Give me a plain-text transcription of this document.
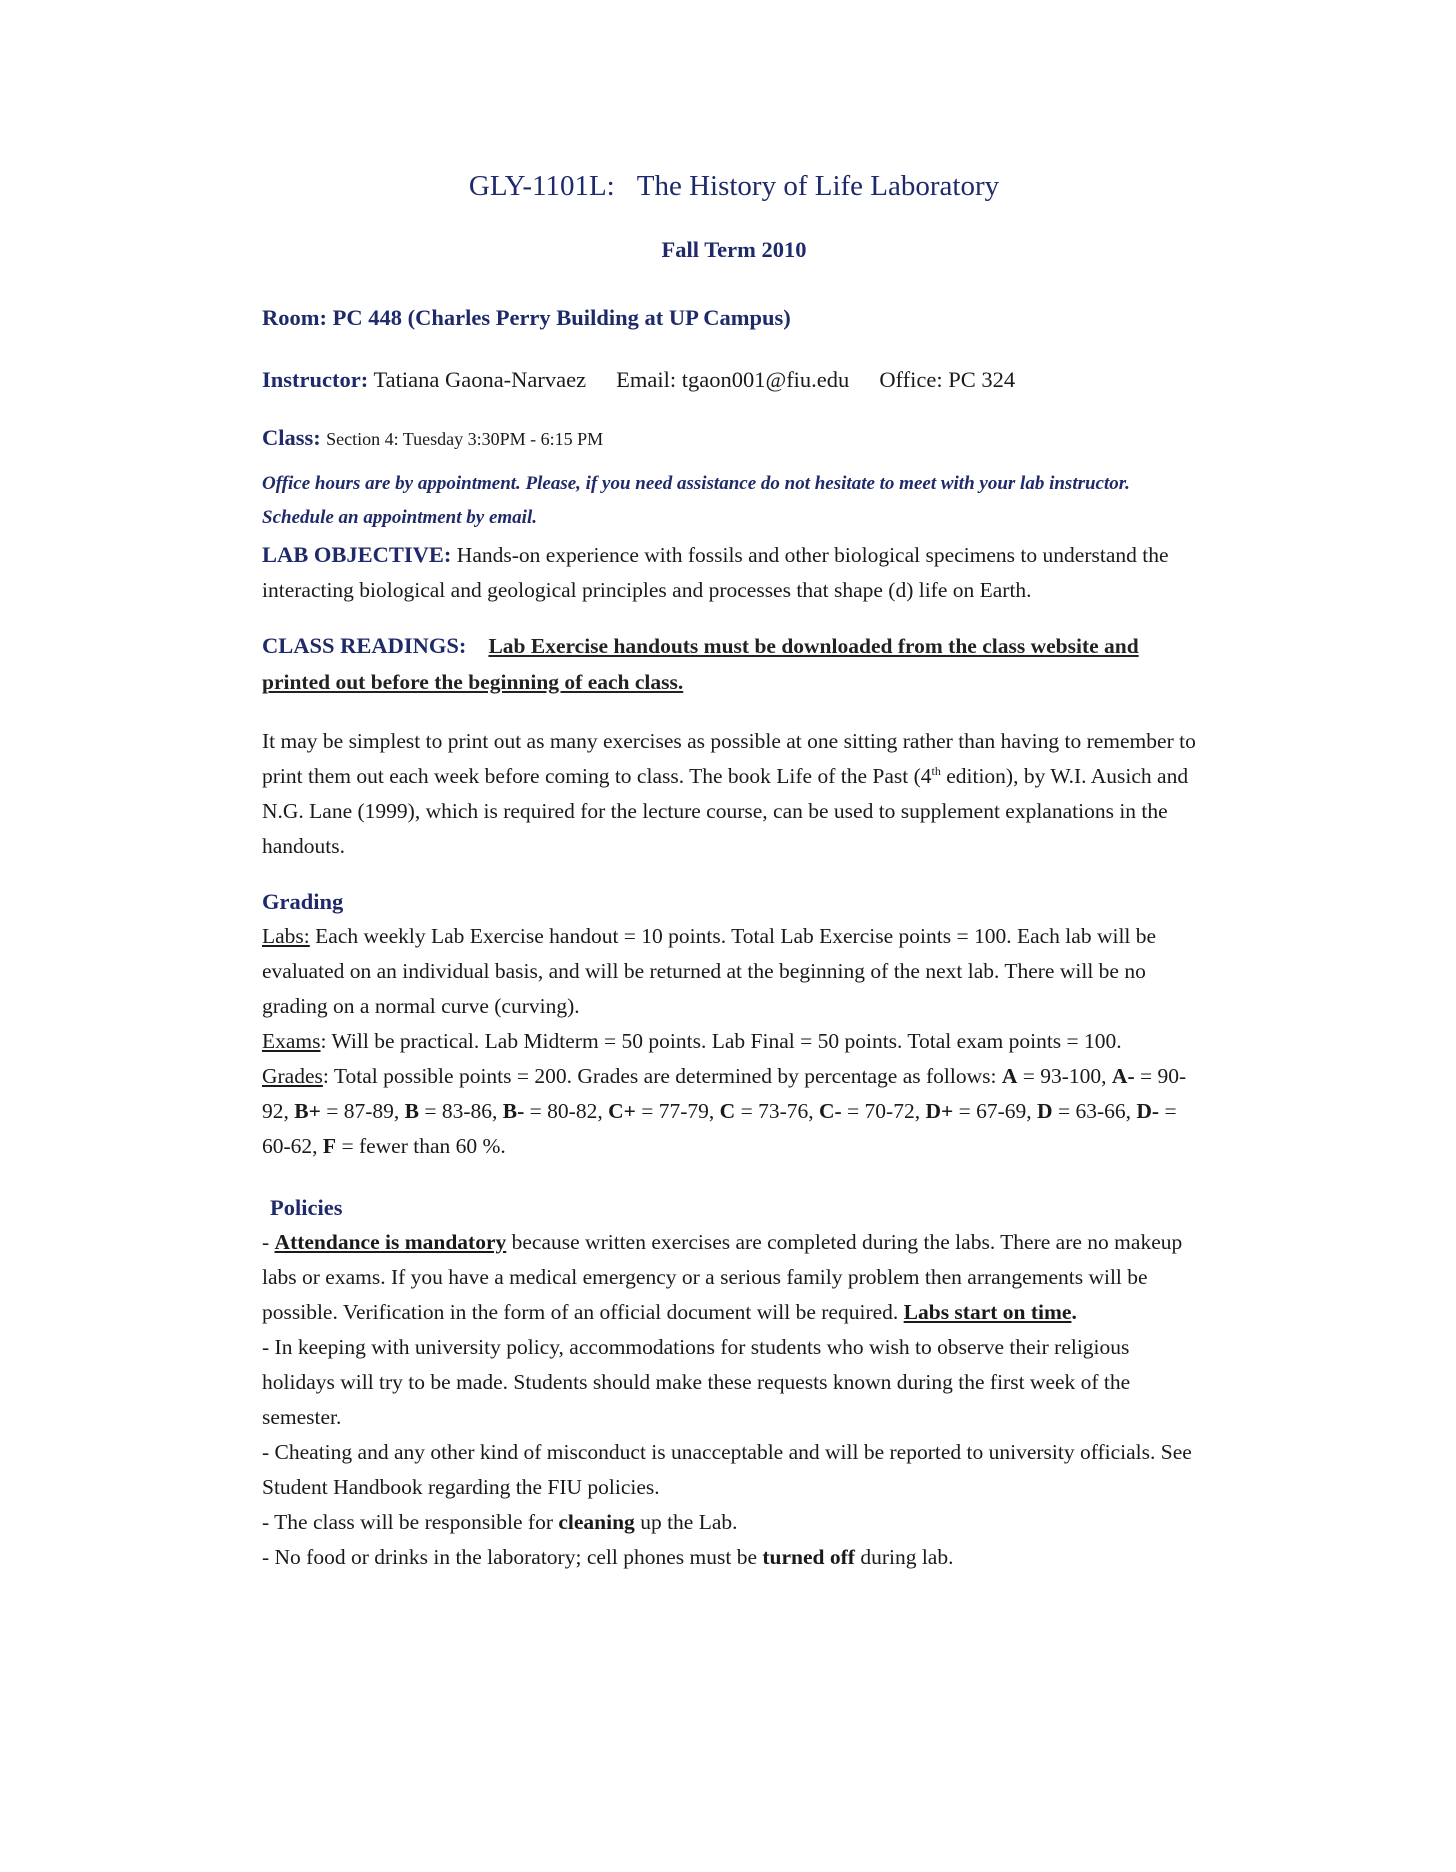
GLY-1101L: The History of Life Laboratory

Fall Term 2010

Room: PC 448 (Charles Perry Building at UP Campus)

Instructor: Tatiana Gaona-Narvaez Email: tgaon001@fiu.edu Office: PC 324

Class: Section 4: Tuesday 3:30PM - 6:15 PM

Office hours are by appointment. Please, if you need assistance do not hesitate to meet with your lab instructor. Schedule an appointment by email.

LAB OBJECTIVE: Hands-on experience with fossils and other biological specimens to understand the interacting biological and geological principles and processes that shape (d) life on Earth.

CLASS READINGS: Lab Exercise handouts must be downloaded from the class website and printed out before the beginning of each class.

It may be simplest to print out as many exercises as possible at one sitting rather than having to remember to print them out each week before coming to class. The book Life of the Past (4th edition), by W.I. Ausich and N.G. Lane (1999), which is required for the lecture course, can be used to supplement explanations in the handouts.

Grading

Labs: Each weekly Lab Exercise handout = 10 points. Total Lab Exercise points = 100. Each lab will be evaluated on an individual basis, and will be returned at the beginning of the next lab. There will be no grading on a normal curve (curving).

Exams: Will be practical. Lab Midterm = 50 points. Lab Final = 50 points. Total exam points = 100.

Grades: Total possible points = 200. Grades are determined by percentage as follows: A = 93-100, A- = 90-92, B+ = 87-89, B = 83-86, B- = 80-82, C+ = 77-79, C = 73-76, C- = 70-72, D+ = 67-69, D = 63-66, D- = 60-62, F = fewer than 60 %.

Policies

- Attendance is mandatory because written exercises are completed during the labs. There are no makeup labs or exams. If you have a medical emergency or a serious family problem then arrangements will be possible. Verification in the form of an official document will be required. Labs start on time.

- In keeping with university policy, accommodations for students who wish to observe their religious holidays will try to be made. Students should make these requests known during the first week of the semester.

- Cheating and any other kind of misconduct is unacceptable and will be reported to university officials. See Student Handbook regarding the FIU policies.

- The class will be responsible for cleaning up the Lab.

- No food or drinks in the laboratory; cell phones must be turned off during lab.
